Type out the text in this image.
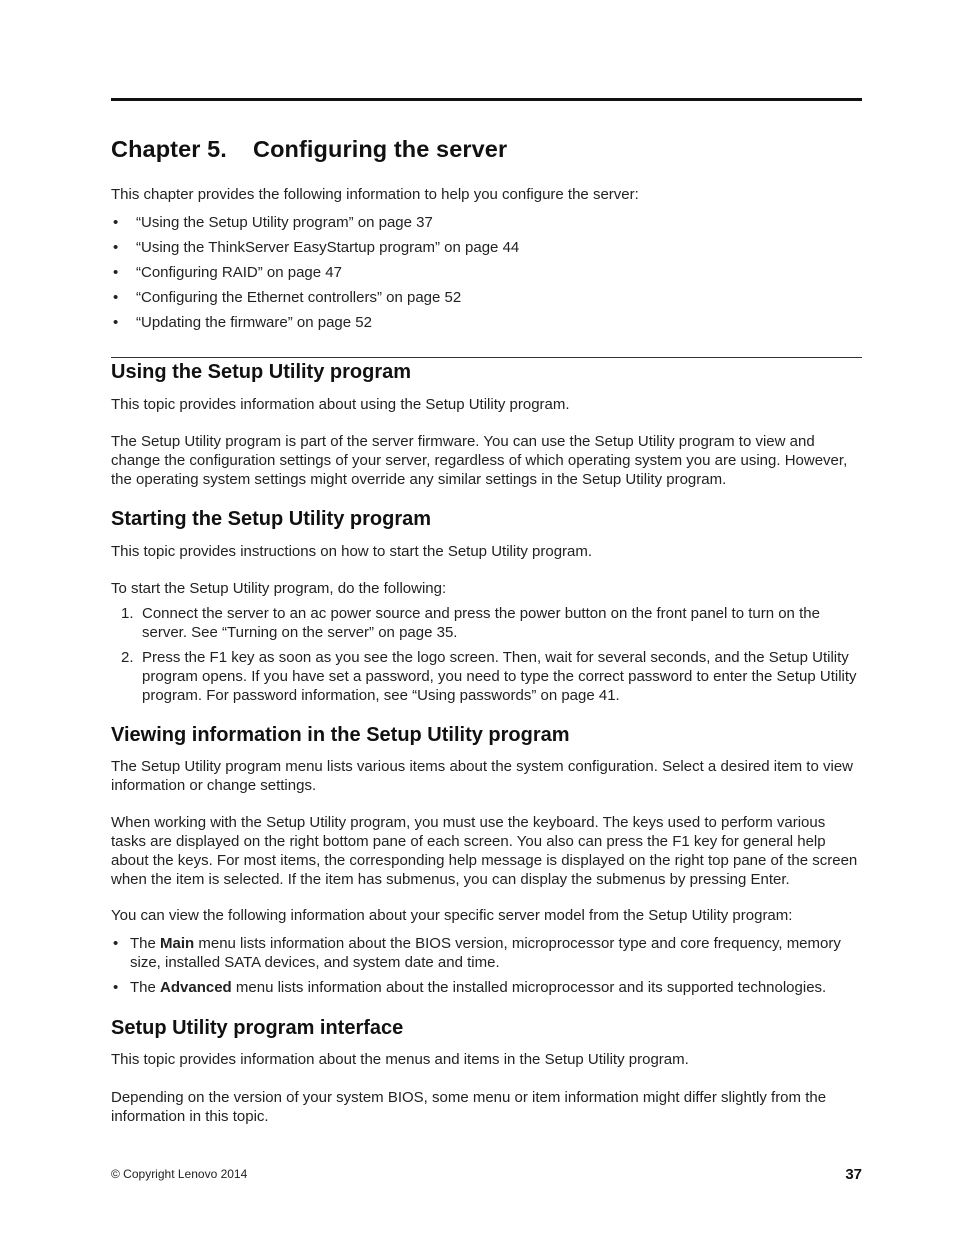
Chapter 5. Configuring the server

This chapter provides the following information to help you configure the server:

• “Using the Setup Utility program” on page 37
• “Using the ThinkServer EasyStartup program” on page 44
• “Configuring RAID” on page 47
• “Configuring the Ethernet controllers” on page 52
• “Updating the firmware” on page 52
Using the Setup Utility program

This topic provides information about using the Setup Utility program.

The Setup Utility program is part of the server firmware. You can use the Setup Utility program to view and change the configuration settings of your server, regardless of which operating system you are using. However, the operating system settings might override any similar settings in the Setup Utility program.

Starting the Setup Utility program

This topic provides instructions on how to start the Setup Utility program.

To start the Setup Utility program, do the following:

1. Connect the server to an ac power source and press the power button on the front panel to turn on the server. See “Turning on the server” on page 35.
2. Press the F1 key as soon as you see the logo screen. Then, wait for several seconds, and the Setup Utility program opens. If you have set a password, you need to type the correct password to enter the Setup Utility program. For password information, see “Using passwords” on page 41.
Viewing information in the Setup Utility program

The Setup Utility program menu lists various items about the system configuration. Select a desired item to view information or change settings.

When working with the Setup Utility program, you must use the keyboard. The keys used to perform various tasks are displayed on the right bottom pane of each screen. You also can press the F1 key for general help about the keys. For most items, the corresponding help message is displayed on the right top pane of the screen when the item is selected. If the item has submenus, you can display the submenus by pressing Enter.

You can view the following information about your specific server model from the Setup Utility program:

• The Main menu lists information about the BIOS version, microprocessor type and core frequency, memory size, installed SATA devices, and system date and time.
• The Advanced menu lists information about the installed microprocessor and its supported technologies.
Setup Utility program interface

This topic provides information about the menus and items in the Setup Utility program.

Depending on the version of your system BIOS, some menu or item information might differ slightly from the information in this topic.

© Copyright Lenovo 2014	37
